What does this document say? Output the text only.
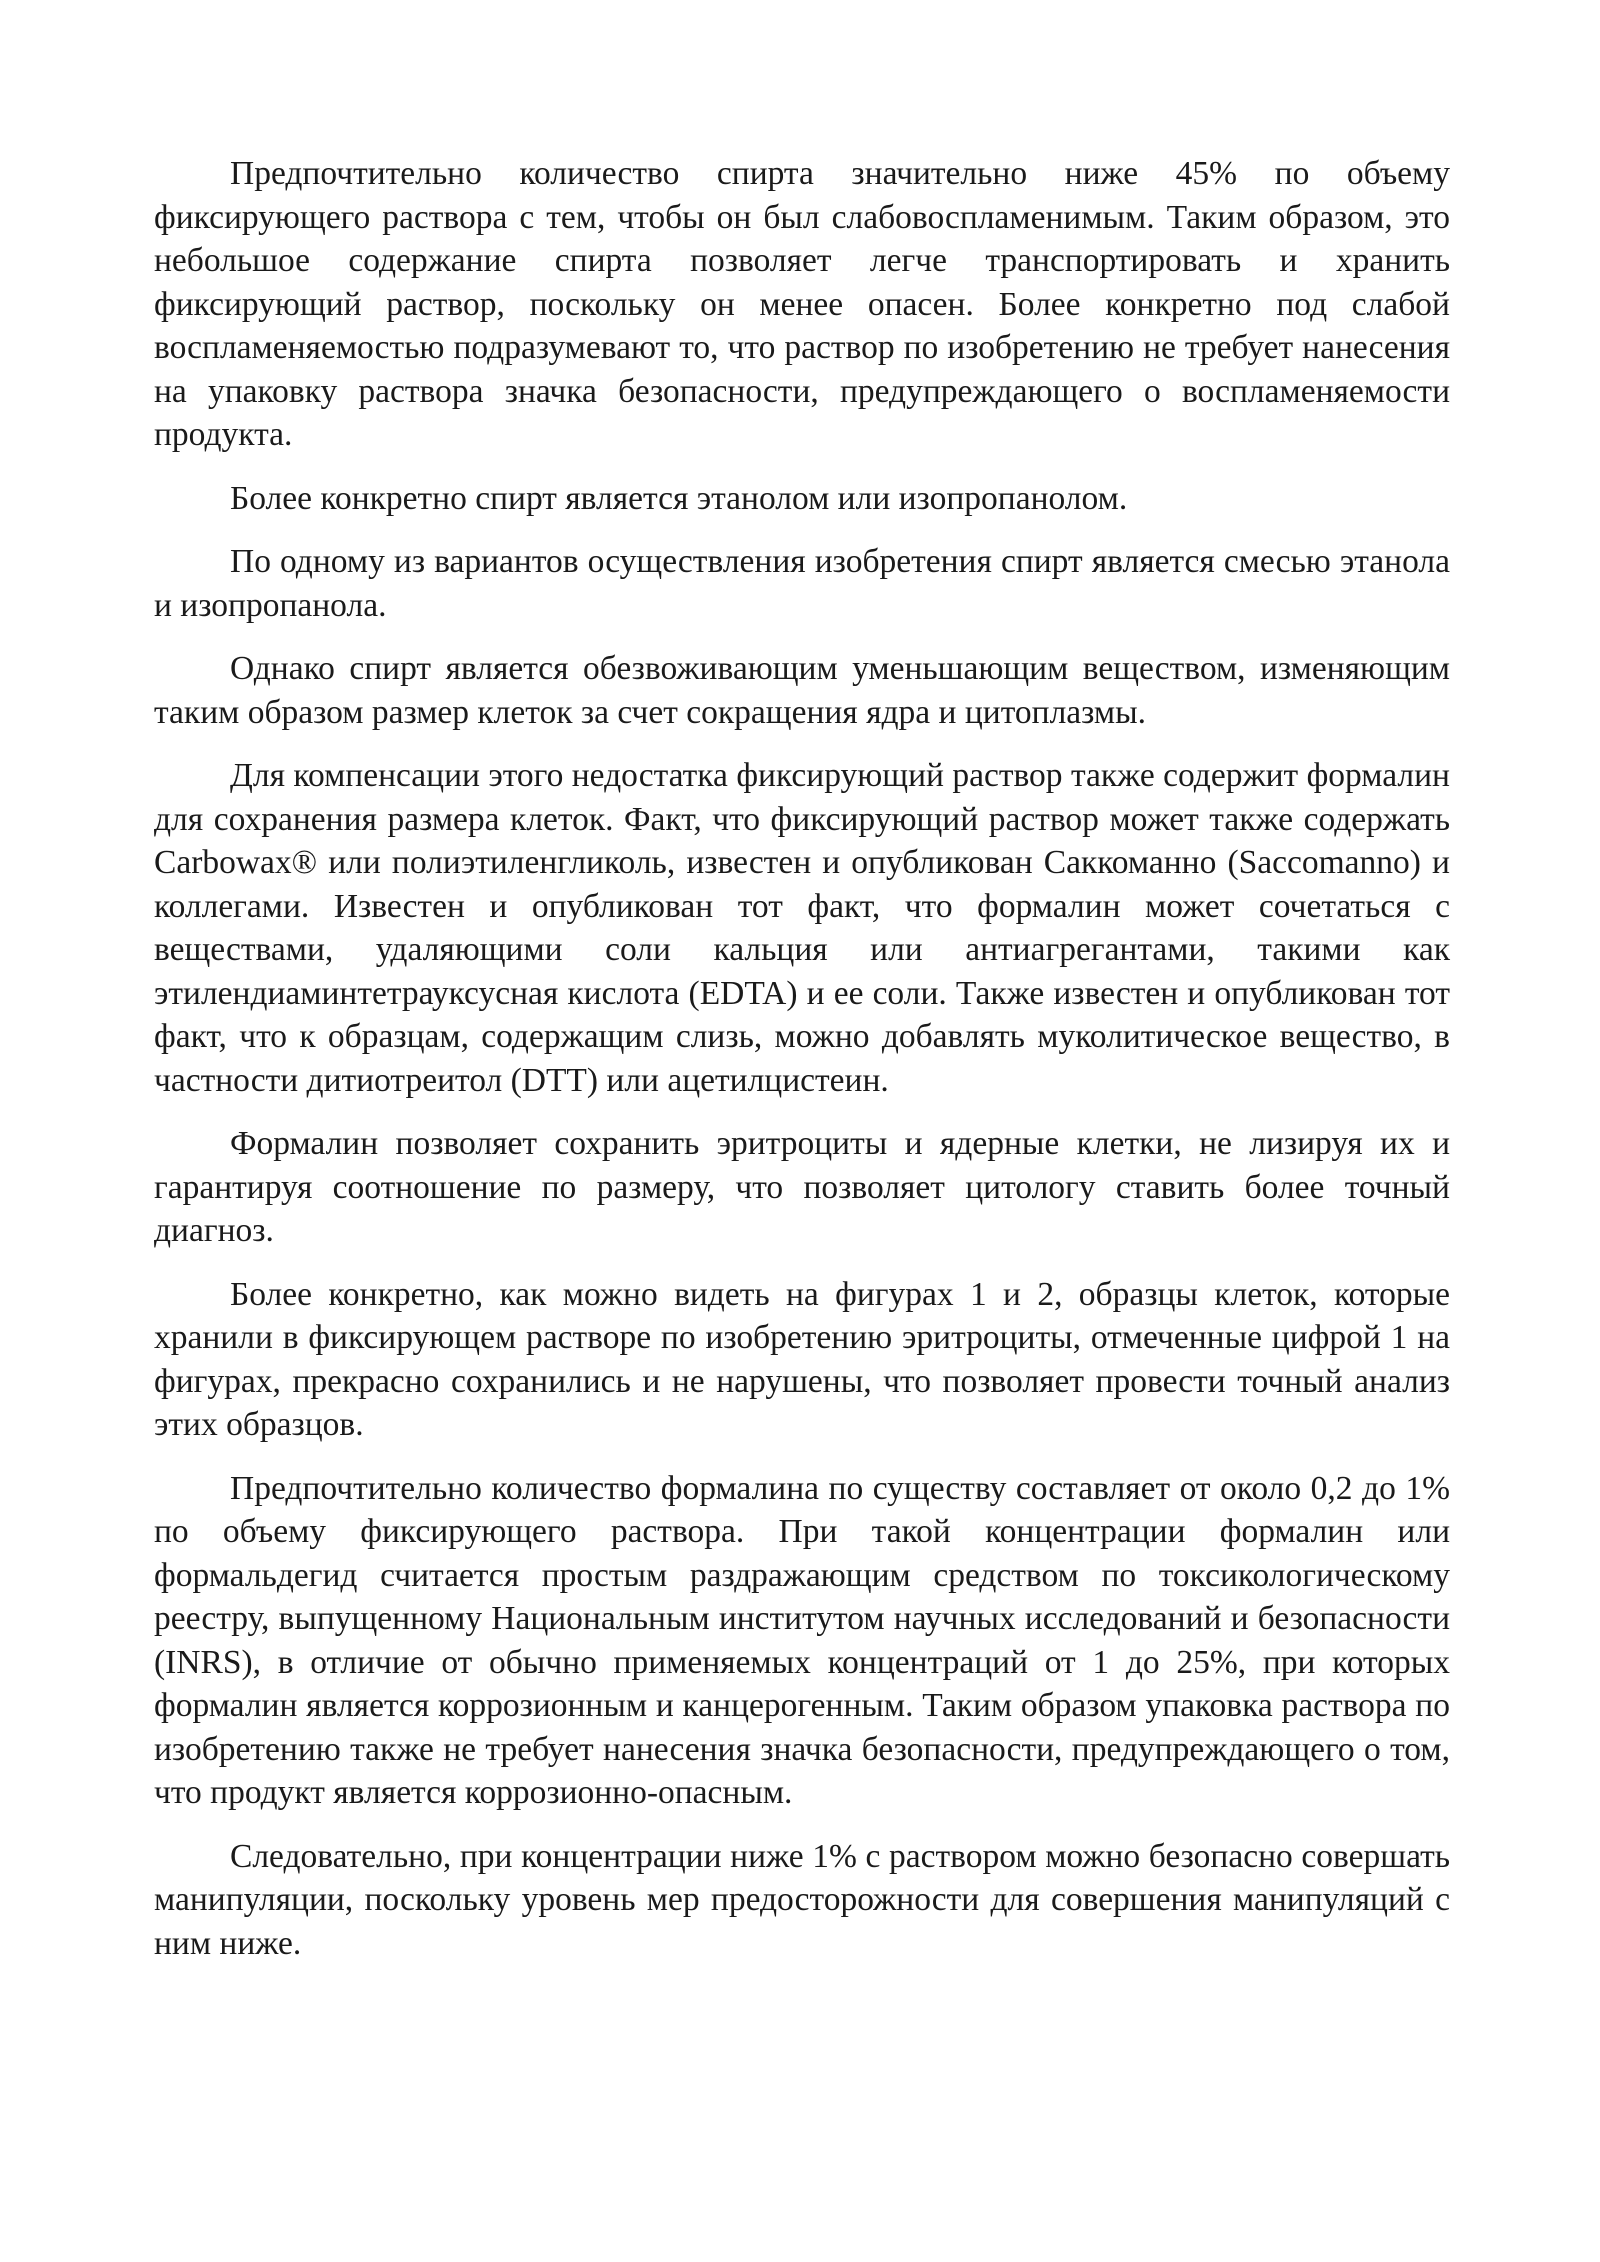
Предпочтительно количество спирта значительно ниже 45% по объему фиксирующего раствора с тем, чтобы он был слабовоспламенимым. Таким образом, это небольшое содержание спирта позволяет легче транспортировать и хранить фиксирующий раствор, поскольку он менее опасен. Более конкретно под слабой воспламеняемостью подразумевают то, что раствор по изобретению не требует нанесения на упаковку раствора значка безопасности, предупреждающего о воспламеняемости продукта.

Более конкретно спирт является этанолом или изопропанолом.

По одному из вариантов осуществления изобретения спирт является смесью этанола и изопропанола.

Однако спирт является обезвоживающим уменьшающим веществом, изменяющим таким образом размер клеток за счет сокращения ядра и цитоплазмы.

Для компенсации этого недостатка фиксирующий раствор также содержит формалин для сохранения размера клеток. Факт, что фиксирующий раствор может также содержать Carbowax® или полиэтиленгликоль, известен и опубликован Саккоманно (Saccomanno) и коллегами. Известен и опубликован тот факт, что формалин может сочетаться с веществами, удаляющими соли кальция или антиагрегантами, такими как этилендиаминтетрауксусная кислота (EDTA) и ее соли. Также известен и опубликован тот факт, что к образцам, содержащим слизь, можно добавлять муколитическое вещество, в частности дитиотреитол (DTT) или ацетилцистеин.

Формалин позволяет сохранить эритроциты и ядерные клетки, не лизируя их и гарантируя соотношение по размеру, что позволяет цитологу ставить более точный диагноз.

Более конкретно, как можно видеть на фигурах 1 и 2, образцы клеток, которые хранили в фиксирующем растворе по изобретению эритроциты, отмеченные цифрой 1 на фигурах, прекрасно сохранились и не нарушены, что позволяет провести точный анализ этих образцов.

Предпочтительно количество формалина по существу составляет от около 0,2 до 1% по объему фиксирующего раствора. При такой концентрации формалин или формальдегид считается простым раздражающим средством по токсикологическому реестру, выпущенному Национальным институтом научных исследований и безопасности (INRS), в отличие от обычно применяемых концентраций от 1 до 25%, при которых формалин является коррозионным и канцерогенным. Таким образом упаковка раствора по изобретению также не требует нанесения значка безопасности, предупреждающего о том, что продукт является коррозионно-опасным.

Следовательно, при концентрации ниже 1% с раствором можно безопасно совершать манипуляции, поскольку уровень мер предосторожности для совершения манипуляций с ним ниже.
